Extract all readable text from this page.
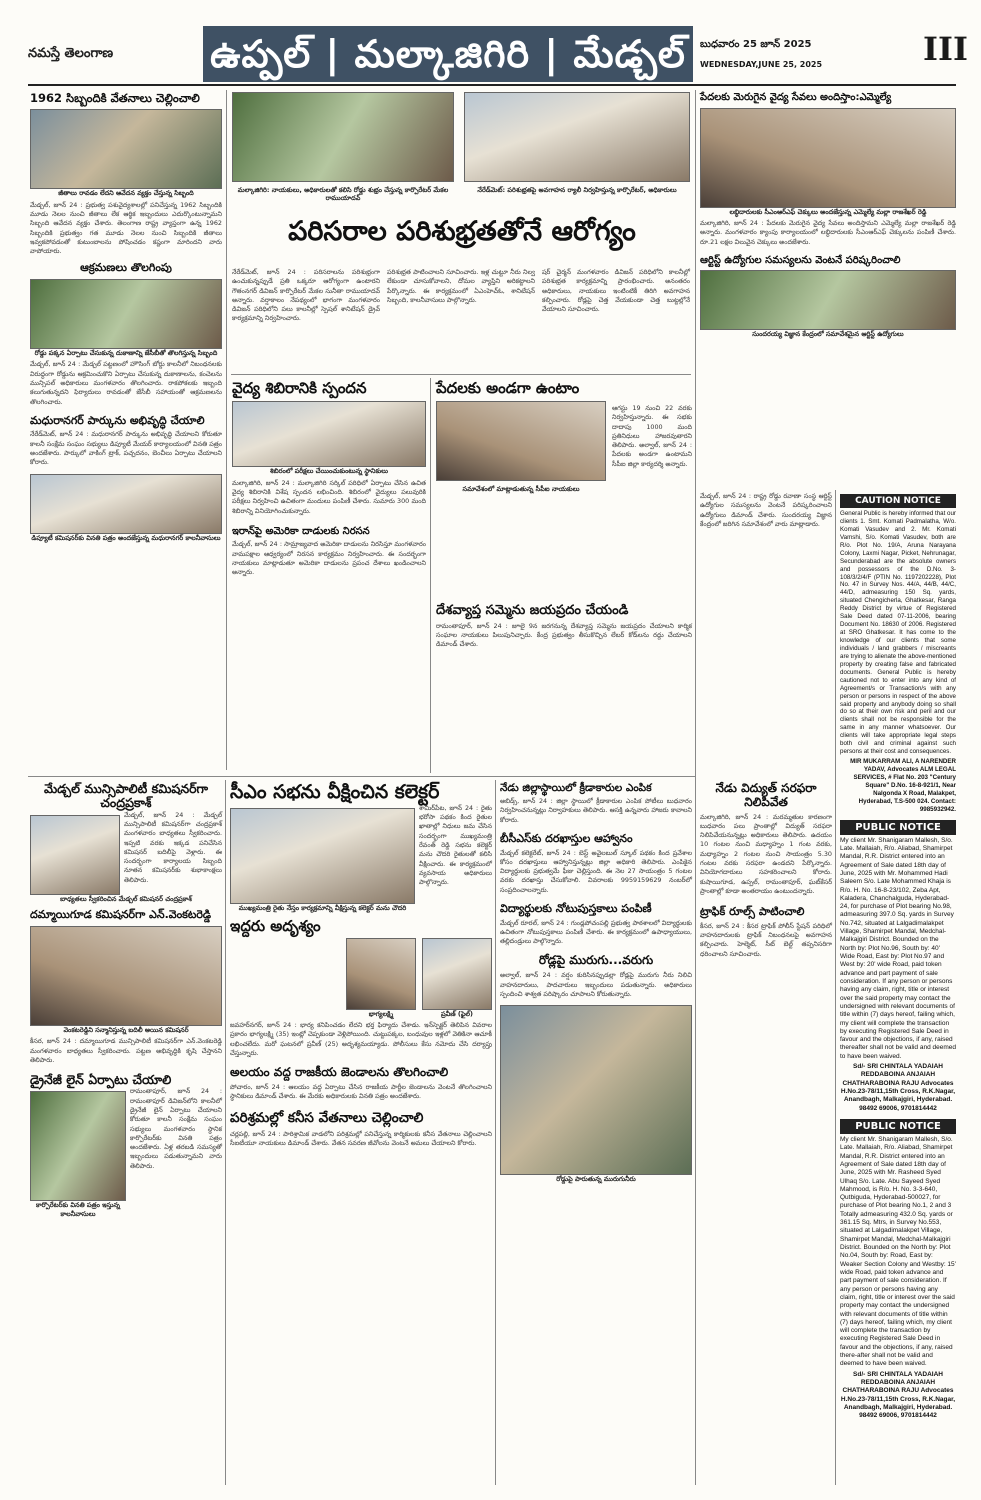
నమస్తే తెలంగాణ	ఉప్పల్ | మల్కాజిగిరి | మేడ్చల్	బుధవారం 25 జూన్ 2025
WEDNESDAY,JUNE 25, 2025	III
1962 సిబ్బందికి వేతనాలు చెల్లించాలి
జీతాలు రావడం లేదని ఆవేదన వ్యక్తం చేస్తున్న సిబ్బంది
మేడ్చల్, జూన్ 24 : ప్రభుత్వ పశువైద్యశాలల్లో పనిచేస్తున్న 1962 సిబ్బందికి మూడు నెలల నుంచి జీతాలు లేక ఆర్థిక ఇబ్బందులు ఎదుర్కొంటున్నామని సిబ్బంది ఆవేదన వ్యక్తం చేశారు. తెలంగాణ రాష్ట్ర వ్యాప్తంగా ఉన్న 1962 సిబ్బందికి ప్రభుత్వం గత మూడు నెలల నుంచి సిబ్బందికి జీతాలు ఇవ్వకపోవడంతో కుటుంబాలను పోషించడం కష్టంగా మారిందని వారు వాపోయారు.
ఆక్రమణలు తొలగింపు
రోడ్డు పక్కన ఏర్పాటు చేసుకున్న దుకాణాన్ని జేసీబీతో తొలగిస్తున్న సిబ్బంది
మేడ్చల్, జూన్ 24 : మేడ్చల్ పట్టణంలో హౌసింగ్ బోర్డు కాలనీలో నిబంధనలకు విరుద్ధంగా రోడ్డును ఆక్రమించుకొని ఏర్పాటు చేసుకున్న దుకాణాలను, కంచెలను మున్సిపల్ అధికారులు మంగళవారం తొలగించారు. రాకపోకలకు ఇబ్బంది కలుగుతున్నదని ఫిర్యాదులు రావడంతో జేసీబీ సహాయంతో ఆక్రమణలను తొలగించారు.
మధురానగర్ పార్కును అభివృద్ధి చేయాలి
నేరేడ్‌మెట్, జూన్ 24 : మధురానగర్ పార్కును అభివృద్ధి చేయాలని కోరుతూ కాలనీ సంక్షేమ సంఘం సభ్యులు డిప్యూటీ మేయర్ కార్యాలయంలో వినతి పత్రం అందజేశారు. పార్కులో వాకింగ్ ట్రాక్, పచ్చదనం, బెంచీలు ఏర్పాటు చేయాలని కోరారు.
డిప్యూటీ కమిషనర్‌కు వినతి పత్రం అందజేస్తున్న మధురానగర్ కాలనీవాసులు
మల్కాజిగిరి: నాయకులు, అధికారులతో కలిసి రోడ్డు శుభ్రం చేస్తున్న కార్పొరేటర్ మేకల రాముయాదవ్
నేరేడ్‌మెట్: పరిశుభ్రతపై అవగాహన ర్యాలీ నిర్వహిస్తున్న కార్పొరేటర్, అధికారులు
పరిసరాల పరిశుభ్రతతోనే ఆరోగ్యం
నేరేడ్‌మెట్, జూన్ 24 : పరిసరాలను పరిశుభ్రంగా ఉంచుకున్నప్పుడే ప్రతి ఒక్కరూ ఆరోగ్యంగా ఉంటారని గౌతంనగర్ డివిజన్ కార్పొరేటర్ మేకల సునీతా రాముయాదవ్ అన్నారు. వర్షాకాలం నేపథ్యంలో భాగంగా మంగళవారం డివిజన్ పరిధిలోని పలు కాలనీల్లో స్పెషల్ శానిటేషన్ డ్రైవ్ కార్యక్రమాన్ని నిర్వహించారు.
పరిశుభ్రత పాటించాలని సూచించారు. ఇళ్ల చుట్టూ నీరు నిల్వ లేకుండా చూసుకోవాలని, దోమల వ్యాప్తిని అరికట్టాలని పేర్కొన్నారు. ఈ కార్యక్రమంలో ఏఎంహెచ్‌ఓ, శానిటేషన్ సిబ్బంది, కాలనీవాసులు పాల్గొన్నారు.
షర్ చైర్మన్ మంగళవారం డివిజన్ పరిధిలోని కాలనీల్లో పరిశుభ్రత కార్యక్రమాన్ని ప్రారంభించారు. అనంతరం అధికారులు, నాయకులు ఇంటింటికీ తిరిగి అవగాహన కల్పించారు. రోడ్లపై చెత్త వేయకుండా చెత్త బుట్టల్లోనే వేయాలని సూచించారు.
వైద్య శిబిరానికి స్పందన
శిబిరంలో పరీక్షలు చేయించుకుంటున్న స్థానికులు
మల్కాజిగిరి, జూన్ 24 : మల్కాజిగిరి సర్కిల్ పరిధిలో ఏర్పాటు చేసిన ఉచిత వైద్య శిబిరానికి విశేష స్పందన లభించింది. శిబిరంలో వైద్యులు పలువురికి పరీక్షలు నిర్వహించి ఉచితంగా మందులు పంపిణీ చేశారు. సుమారు 300 మంది శిబిరాన్ని వినియోగించుకున్నారు.
ఇరాన్‌పై అమెరికా దాడులకు నిరసన
మేడ్చల్, జూన్ 24 : సామ్రాజ్యవాద అమెరికా దాడులను నిరసిస్తూ మంగళవారం వామపక్షాల ఆధ్వర్యంలో నిరసన కార్యక్రమం నిర్వహించారు. ఈ సందర్భంగా నాయకులు మాట్లాడుతూ అమెరికా దాడులను ప్రపంచ దేశాలు ఖండించాలని అన్నారు.
పేదలకు అండగా ఉంటాం
ఆగస్టు 19 నుంచి 22 వరకు నిర్వహిస్తున్నారు. ఈ సభకు దాదాపు 1000 మంది ప్రతినిధులు హాజరవుతారని తెలిపారు. అల్వాల్, జూన్ 24 : పేదలకు అండగా ఉంటామని సీపీఐ జిల్లా కార్యదర్శి అన్నారు.
సమావేశంలో మాట్లాడుతున్న సీపీఐ నాయకులు
దేశవ్యాప్త సమ్మెను జయప్రదం చేయండి
రామంతాపూర్, జూన్ 24 : జూలై 9న జరగనున్న దేశవ్యాప్త సమ్మెను జయప్రదం చేయాలని కార్మిక సంఘాల నాయకులు పిలుపునిచ్చారు. కేంద్ర ప్రభుత్వం తీసుకొచ్చిన లేబర్ కోడ్‌లను రద్దు చేయాలని డిమాండ్ చేశారు.
పేదలకు మెరుగైన వైద్య సేవలు అందిస్తాం:ఎమ్మెల్యే
లబ్ధిదారులకు సీఎంఆర్‌ఎఫ్ చెక్కులు అందజేస్తున్న ఎమ్మెల్యే మల్లా రాజశేఖర్ రెడ్డి
మల్కాజిగిరి, జూన్ 24 : పేదలకు మెరుగైన వైద్య సేవలు అందిస్తామని ఎమ్మెల్యే మల్లా రాజశేఖర్ రెడ్డి అన్నారు. మంగళవారం క్యాంపు కార్యాలయంలో లబ్ధిదారులకు సీఎంఆర్‌ఎఫ్ చెక్కులను పంపిణీ చేశారు. రూ.21 లక్షల విలువైన చెక్కులు అందజేశారు.
ఆర్టిస్ట్ ఉద్యోగుల సమస్యలను వెంటనే పరిష్కరించాలి
సుందరయ్య విజ్ఞాన కేంద్రంలో సమావేశమైన ఆర్టిస్ట్ ఉద్యోగులు
మేడ్చల్, జూన్ 24 : రాష్ట్ర రోడ్డు రవాణా సంస్థ ఆర్టిస్ట్ ఉద్యోగుల సమస్యలను వెంటనే పరిష్కరించాలని ఉద్యోగులు డిమాండ్ చేశారు. సుందరయ్య విజ్ఞాన కేంద్రంలో జరిగిన సమావేశంలో వారు మాట్లాడారు.
CAUTION NOTICE
General Public is hereby informed that our clients 1. Smt. Komati Padmalatha, W/o. Komati Vasudev and 2. Mr. Komati Vamshi, S/o. Komati Vasudev, both are R/o. Plot No. 19/A, Aruna Narayana Colony, Laxmi Nagar, Picket, Nehrunagar, Secunderabad are the absolute owners and possessors of the D.No. 3-108/3/2/4/F (PTIN No. 1197202228), Plot No. 47 in Survey Nos. 44/A, 44/B, 44/C, 44/D, admeasuring 150 Sq. yards, situated Chengicherla, Ghatkesar, Ranga Reddy District by virtue of Registered Sale Deed dated 07-11-2006, bearing Document No. 18630 of 2006. Registered at SRO Ghatkesar. It has come to the knowledge of our clients that some individuals / land grabbers / miscreants are trying to alienate the above-mentioned property by creating false and fabricated documents. General Public is hereby cautioned not to enter into any kind of Agreement/s or Transaction/s with any person or persons in respect of the above said property and anybody doing so shall do so at their own risk and peril and our clients shall not be responsible for the same in any manner whatsoever. Our clients will take appropriate legal steps both civil and criminal against such persons at their cost and consequences.
MIR MUKARRAM ALI, A NARENDER YADAV, Advocates ALM LEGAL SERVICES, # Flat No. 203 "Century Square" D.No. 16-8-921/1, Near Nalgonda X Road, Malakpet, Hyderabad, T.S-500 024. Contact: 9985932942.
PUBLIC NOTICE
My client Mr. Shanigaram Mallesh, S/o. Late. Mallaiah, R/o. Aliabad, Shamirpet Mandal, R.R. District entered into an Agreement of Sale dated 18th day of June, 2025 with Mr. Mohammed Hadi Saleem S/o. Late Mohammed Khaja is R/o. H. No. 16-8-23/102, Zeba Apt, Kaladera, Chanchalguda, Hyderabad-24, for purchase of Plot bearing No.98, admeasuring 397.0 Sq. yards in Survey No.742, situated at Lalgadimalakpet Village, Shamirpet Mandal, Medchal-Malkajgiri District. Bounded on the North by: Plot No.96, South by: 40' Wide Road, East by: Plot No.97 and West by: 20' wide Road, paid token advance and part payment of sale consideration. If any person or persons having any claim, right, title or interest over the said property may contact the undersigned with relevant documents of title within (7) days hereof, failing which, my client will complete the transaction by executing Registered Sale Deed in favour and the objections, if any, raised thereafter shall not be valid and deemed to have been waived.
Sd/- SRI CHINTALA YADAIAH REDDABOINA ANJAIAH CHATHARABOINA RAJU Advocates H.No.23-78/11,15th Cross, R.K.Nagar, Anandbagh, Malkajgiri, Hyderabad. 98492 69006, 9701814442
PUBLIC NOTICE
My client Mr. Shanigaram Mallesh, S/o. Late. Mallaiah, R/o. Aliabad, Shamirpet Mandal, R.R. District entered into an Agreement of Sale dated 18th day of June, 2025 with Mr. Rasheed Syed Ulhaq S/o. Late. Abu Sayeed Syed Mahmood, is R/o. H. No. 3-3-640, Qutbiguda, Hyderabad-500027, for purchase of Plot bearing No.1, 2 and 3 Totally admeasuring 432.0 Sq. yards or 361.15 Sq. Mtrs, in Survey No.553, situated at Lalgadimalakpet Village, Shamirpet Mandal, Medchal-Malkajgiri District. Bounded on the North by: Plot No.04, South by: Road, East by: Weaker Section Colony and Westby: 15' wide Road, paid token advance and part payment of sale consideration. If any person or persons having any claim, right, title or interest over the said property may contact the undersigned with relevant documents of title within (7) days hereof, failing which, my client will complete the transaction by executing Registered Sale Deed in favour and the objections, if any, raised there-after shall not be valid and deemed to have been waived.
Sd/- SRI CHINTALA YADAIAH REDDABOINA ANJAIAH CHATHARABOINA RAJU Advocates H.No.23-78/11,15th Cross, R.K.Nagar, Anandbagh, Malkajgiri, Hyderabad. 98492 69006, 9701814442
మేడ్చల్ మున్సిపాలిటీ కమిషనర్‌గా చంద్రప్రకాశ్
మేడ్చల్, జూన్ 24 : మేడ్చల్ మున్సిపాలిటీ కమిషనర్‌గా చంద్రప్రకాశ్ మంగళవారం బాధ్యతలు స్వీకరించారు. ఇప్పటి వరకు ఇక్కడ పనిచేసిన కమిషనర్ బదిలీపై వెళ్లారు. ఈ సందర్భంగా కార్యాలయ సిబ్బంది నూతన కమిషనర్‌కు శుభాకాంక్షలు తెలిపారు.
బాధ్యతలు స్వీకరించిన మేడ్చల్ కమిషనర్ చంద్రప్రకాశ్
దమ్మాయిగూడ కమిషనర్‌గా ఎన్.వెంకటరెడ్డి
వెంకటరెడ్డిని సన్మానిస్తున్న బదిలీ అయిన కమిషనర్
కీసర, జూన్ 24 : దమ్మాయిగూడ మున్సిపాలిటీ కమిషనర్‌గా ఎన్.వెంకటరెడ్డి మంగళవారం బాధ్యతలు స్వీకరించారు. పట్టణ అభివృద్ధికి కృషి చేస్తానని తెలిపారు.
డ్రైనేజీ లైన్ ఏర్పాటు చేయాలి
రామంతాపూర్, జూన్ 24 : రామంతాపూర్ డివిజన్‌లోని కాలనీలో డ్రైనేజీ లైన్ ఏర్పాటు చేయాలని కోరుతూ కాలనీ సంక్షేమ సంఘం సభ్యులు మంగళవారం స్థానిక కార్పొరేటర్‌కు వినతి పత్రం అందజేశారు. ఏళ్ల తరబడి సమస్యతో ఇబ్బందులు పడుతున్నామని వారు తెలిపారు.
కార్పొరేటర్‌కు వినతి పత్రం ఇస్తున్న కాలనీవాసులు
సీఎం సభను వీక్షించిన కలెక్టర్
శామీర్‌పేట, జూన్ 24 : రైతు భరోసా పథకం కింద రైతుల ఖాతాల్లో నిధులు జమ చేసిన సందర్భంగా ముఖ్యమంత్రి రేవంత్ రెడ్డి సభను కలెక్టర్ మను చౌదరి రైతులతో కలిసి వీక్షించారు. ఈ కార్యక్రమంలో వ్యవసాయ అధికారులు పాల్గొన్నారు.
ముఖ్యమంత్రి రైతు నేస్తం కార్యక్రమాన్ని వీక్షిస్తున్న కలెక్టర్ మను చౌదరి
ఇద్దరు అదృశ్యం
భాగ్యలక్ష్మి	ప్రవీణ్ (ఫైల్)
జవహర్‌నగర్, జూన్ 24 : భార్య కనిపించడం లేదని భర్త ఫిర్యాదు చేశాడు. ఇన్‌స్పెక్టర్ తెలిపిన వివరాల ప్రకారం భాగ్యలక్ష్మి (35) ఇంట్లో చెప్పకుండా వెళ్లిపోయింది. చుట్టుపక్కల, బంధువుల ఇళ్లలో వెతికినా ఆచూకీ లభించలేదు. మరో ఘటనలో ప్రవీణ్ (25) అదృశ్యమయ్యాడు. పోలీసులు కేసు నమోదు చేసి దర్యాప్తు చేస్తున్నారు.
అలయం వద్ద రాజకీయ జెండాలను తొలగించాలి
పోచారం, జూన్ 24 : ఆలయం వద్ద ఏర్పాటు చేసిన రాజకీయ పార్టీల జెండాలను వెంటనే తొలగించాలని స్థానికులు డిమాండ్ చేశారు. ఈ మేరకు అధికారులకు వినతి పత్రం అందజేశారు.
పరిశ్రమల్లో కనీస వేతనాలు చెల్లించాలి
చర్లపల్లి, జూన్ 24 : పారిశ్రామిక వాడలోని పరిశ్రమల్లో పనిచేస్తున్న కార్మికులకు కనీస వేతనాలు చెల్లించాలని సీఐటీయూ నాయకులు డిమాండ్ చేశారు. వేతన సవరణ జీవోలను వెంటనే అమలు చేయాలని కోరారు.
నేడు జిల్లాస్థాయిలో క్రీడాకారుల ఎంపిక
అబిడ్స్, జూన్ 24 : జిల్లా స్థాయిలో క్రీడాకారుల ఎంపిక పోటీలు బుధవారం నిర్వహించనున్నట్లు నిర్వాహకులు తెలిపారు. ఆసక్తి ఉన్నవారు హాజరు కావాలని కోరారు.
బీసీఎస్‌కు దరఖాస్తుల ఆహ్వానం
మేడ్చల్ కలెక్టరేట్, జూన్ 24 : బెస్ట్ అవైలబుల్ స్కూల్ పథకం కింద ప్రవేశాల కోసం దరఖాస్తులు ఆహ్వానిస్తున్నట్లు జిల్లా అధికారి తెలిపారు. ఎంపికైన విద్యార్థులకు ప్రభుత్వమే ఫీజు చెల్లిస్తుంది. ఈ నెల 27 సాయంత్రం 5 గంటల వరకు దరఖాస్తు చేసుకోవాలి. వివరాలకు 9959159629 నంబర్‌లో సంప్రదించాలన్నారు.
విద్యార్థులకు నోటుపుస్తకాలు పంపిణీ
మేడ్చల్ రూరల్, జూన్ 24 : గుండ్లపోచంపల్లి ప్రభుత్వ పాఠశాలలో విద్యార్థులకు ఉచితంగా నోటుపుస్తకాలు పంపిణీ చేశారు. ఈ కార్యక్రమంలో ఉపాధ్యాయులు, తల్లిదండ్రులు పాల్గొన్నారు.
రోడ్లపై మురుగు...వరుగు
అల్వాల్, జూన్ 24 : వర్షం కురిసినప్పుడల్లా రోడ్లపై మురుగు నీరు నిలిచి వాహనదారులు, పాదచారులు ఇబ్బందులు పడుతున్నారు. అధికారులు స్పందించి శాశ్వత పరిష్కారం చూపాలని కోరుతున్నారు.
రోడ్డుపై పారుతున్న మురుగునీరు
నేడు విద్యుత్ సరఫరా నిలిపివేత
మల్కాజిగిరి, జూన్ 24 : మరమ్మతుల కారణంగా బుధవారం పలు ప్రాంతాల్లో విద్యుత్ సరఫరా నిలిపివేయనున్నట్లు అధికారులు తెలిపారు. ఉదయం 10 గంటల నుంచి మధ్యాహ్నం 1 గంట వరకు, మధ్యాహ్నం 2 గంటల నుంచి సాయంత్రం 5.30 గంటల వరకు సరఫరా ఉండదని పేర్కొన్నారు. వినియోగదారులు సహకరించాలని కోరారు. కుషాయిగూడ, ఉప్పల్, రామంతాపూర్, ఘట్‌కేసర్ ప్రాంతాల్లో కూడా అంతరాయం ఉంటుందన్నారు.
ట్రాఫిక్ రూల్స్ పాటించాలి
కీసర, జూన్ 24 : కీసర ట్రాఫిక్ పోలీస్ స్టేషన్ పరిధిలో వాహనదారులకు ట్రాఫిక్ నిబంధనలపై అవగాహన కల్పించారు. హెల్మెట్, సీట్ బెల్ట్ తప్పనిసరిగా ధరించాలని సూచించారు.
